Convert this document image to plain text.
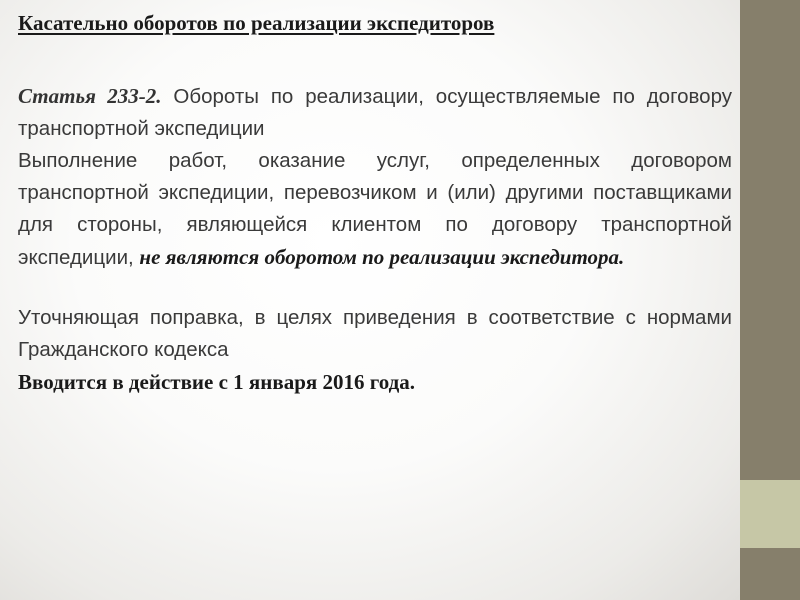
Касательно оборотов по реализации экспедиторов

Статья 233-2. Обороты по реализации, осуществляемые по договору транспортной экспедиции

Выполнение работ, оказание услуг, определенных договором транспортной экспедиции, перевозчиком и (или) другими поставщиками для стороны, являющейся клиентом по договору транспортной экспедиции, не являются оборотом по реализации экспедитора.

Уточняющая поправка, в целях приведения в соответствие с нормами Гражданского кодекса

Вводится в действие с 1 января 2016 года.
